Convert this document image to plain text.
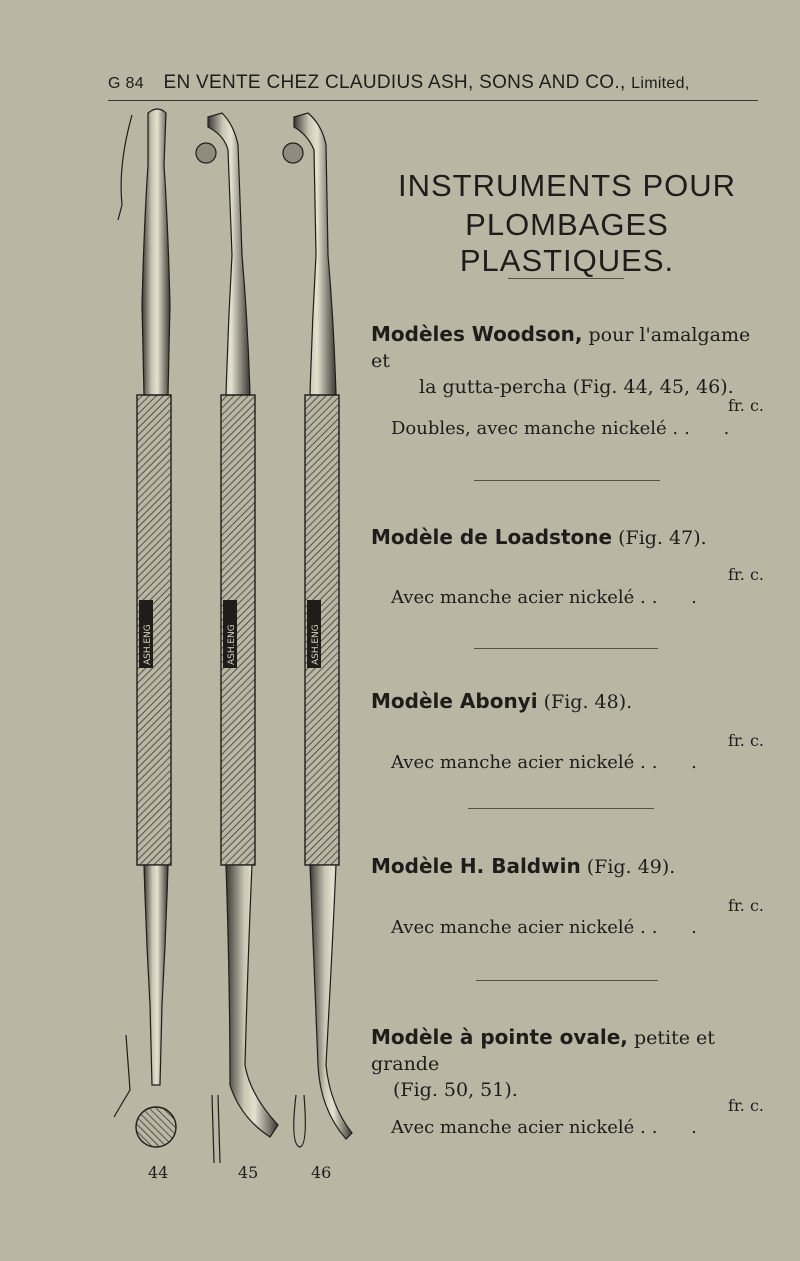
G 84 EN VENTE CHEZ CLAUDIUS ASH, SONS AND CO., Limited,
ASH.ENG	ASH.ENG	ASH.ENG
44	45	46
INSTRUMENTS POUR
PLOMBAGES PLASTIQUES.
Modèles Woodson, pour l'amalgame et
la gutta-percha (Fig. 44, 45, 46).
fr. c.
Doubles, avec manche nickelé . . .
Modèle de Loadstone (Fig. 47).
fr. c.
Avec manche acier nickelé . . .
Modèle Abonyi (Fig. 48).
fr. c.
Avec manche acier nickelé . . .
Modèle H. Baldwin (Fig. 49).
fr. c.
Avec manche acier nickelé . . .
Modèle à pointe ovale, petite et grande
(Fig. 50, 51).
fr. c.
Avec manche acier nickelé . . .
